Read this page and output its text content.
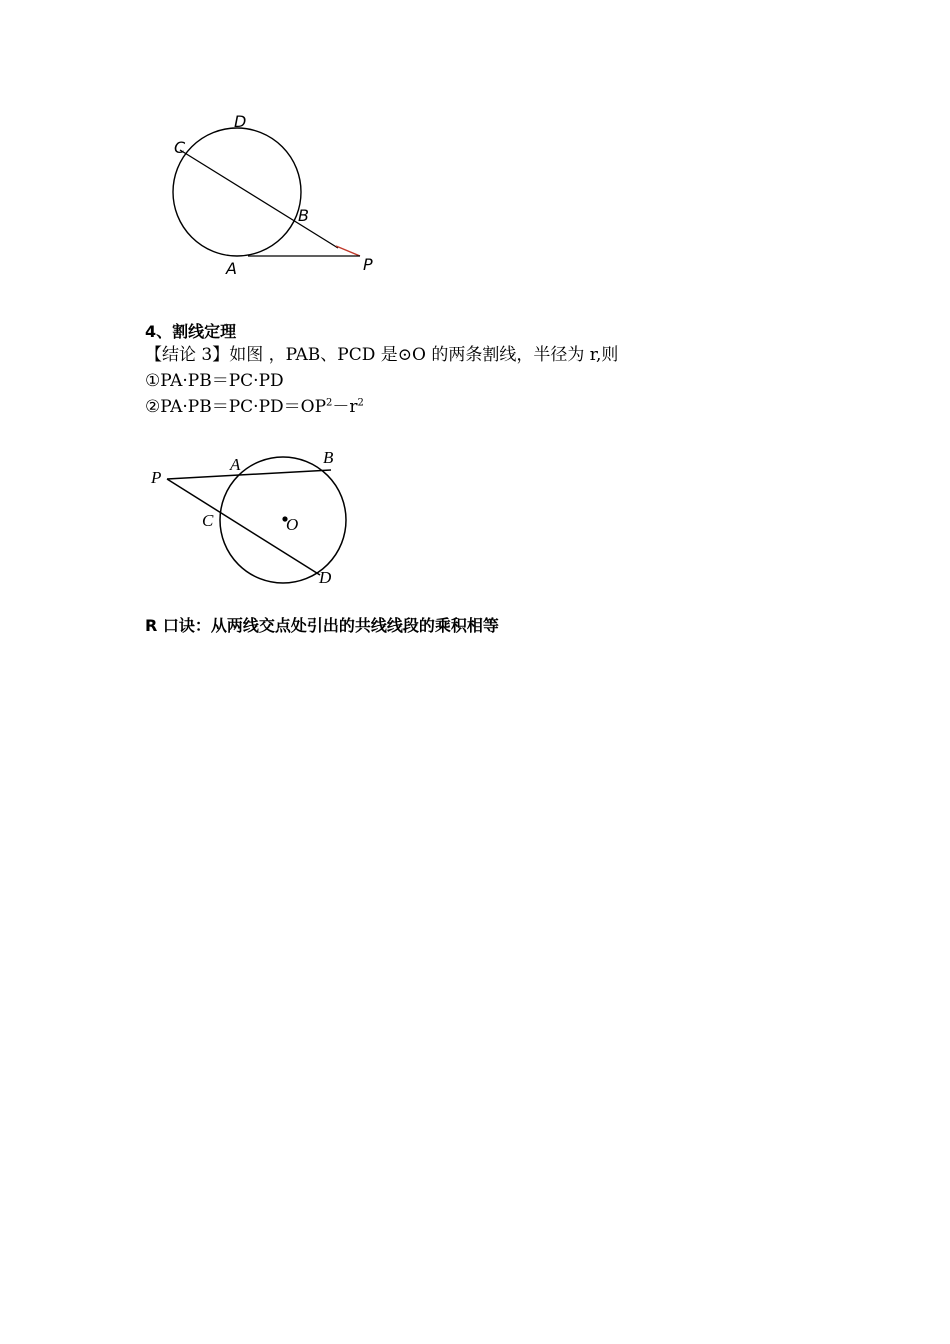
C
D
B
A	P
4、割线定理
【结论 3】如图 ，PAB、PCD 是⊙O 的两条割线，半径为 r,则
①PA·PB＝PC·PD
$②PA\cdot PB=PC\cdot PD=OP^2-r^2$
P
A	B
C	O
D
R 口诀：从两线交点处引出的共线线段的乘积相等
